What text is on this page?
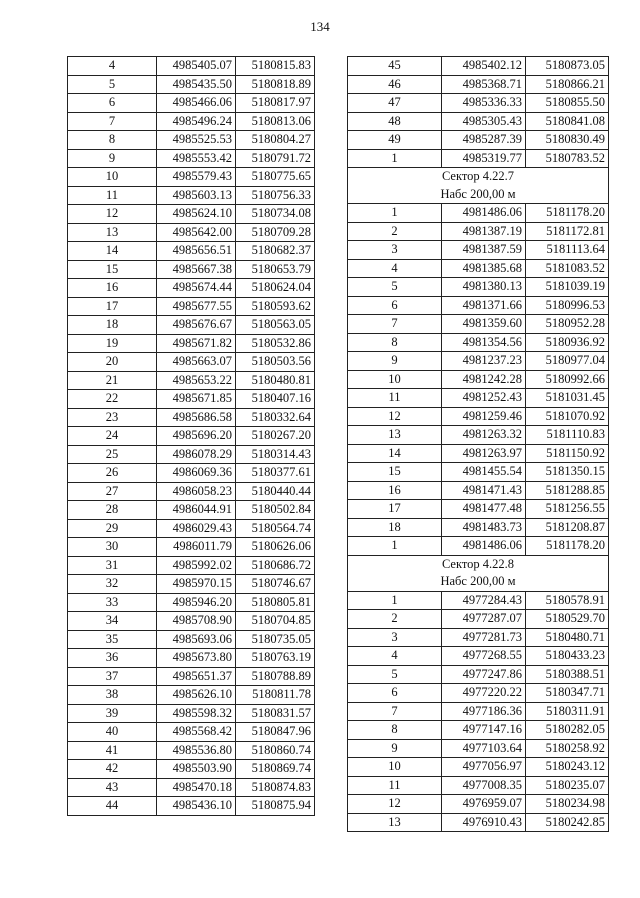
134
4	4985405.07	5180815.83
5	4985435.50	5180818.89
6	4985466.06	5180817.97
7	4985496.24	5180813.06
8	4985525.53	5180804.27
9	4985553.42	5180791.72
10	4985579.43	5180775.65
11	4985603.13	5180756.33
12	4985624.10	5180734.08
13	4985642.00	5180709.28
14	4985656.51	5180682.37
15	4985667.38	5180653.79
16	4985674.44	5180624.04
17	4985677.55	5180593.62
18	4985676.67	5180563.05
19	4985671.82	5180532.86
20	4985663.07	5180503.56
21	4985653.22	5180480.81
22	4985671.85	5180407.16
23	4985686.58	5180332.64
24	4985696.20	5180267.20
25	4986078.29	5180314.43
26	4986069.36	5180377.61
27	4986058.23	5180440.44
28	4986044.91	5180502.84
29	4986029.43	5180564.74
30	4986011.79	5180626.06
31	4985992.02	5180686.72
32	4985970.15	5180746.67
33	4985946.20	5180805.81
34	4985708.90	5180704.85
35	4985693.06	5180735.05
36	4985673.80	5180763.19
37	4985651.37	5180788.89
38	4985626.10	5180811.78
39	4985598.32	5180831.57
40	4985568.42	5180847.96
41	4985536.80	5180860.74
42	4985503.90	5180869.74
43	4985470.18	5180874.83
44	4985436.10	5180875.94
45	4985402.12	5180873.05
46	4985368.71	5180866.21
47	4985336.33	5180855.50
48	4985305.43	5180841.08
49	4985287.39	5180830.49
1	4985319.77	5180783.52

Сектор 4.22.7
Набс 200,00 м		

1	4981486.06	5181178.20
2	4981387.19	5181172.81
3	4981387.59	5181113.64
4	4981385.68	5181083.52
5	4981380.13	5181039.19
6	4981371.66	5180996.53
7	4981359.60	5180952.28
8	4981354.56	5180936.92
9	4981237.23	5180977.04
10	4981242.28	5180992.66
11	4981252.43	5181031.45
12	4981259.46	5181070.92
13	4981263.32	5181110.83
14	4981263.97	5181150.92
15	4981455.54	5181350.15
16	4981471.43	5181288.85
17	4981477.48	5181256.55
18	4981483.73	5181208.87
1	4981486.06	5181178.20

Сектор 4.22.8
Набс 200,00 м		

1	4977284.43	5180578.91
2	4977287.07	5180529.70
3	4977281.73	5180480.71
4	4977268.55	5180433.23
5	4977247.86	5180388.51
6	4977220.22	5180347.71
7	4977186.36	5180311.91
8	4977147.16	5180282.05
9	4977103.64	5180258.92
10	4977056.97	5180243.12
11	4977008.35	5180235.07
12	4976959.07	5180234.98
13	4976910.43	5180242.85
